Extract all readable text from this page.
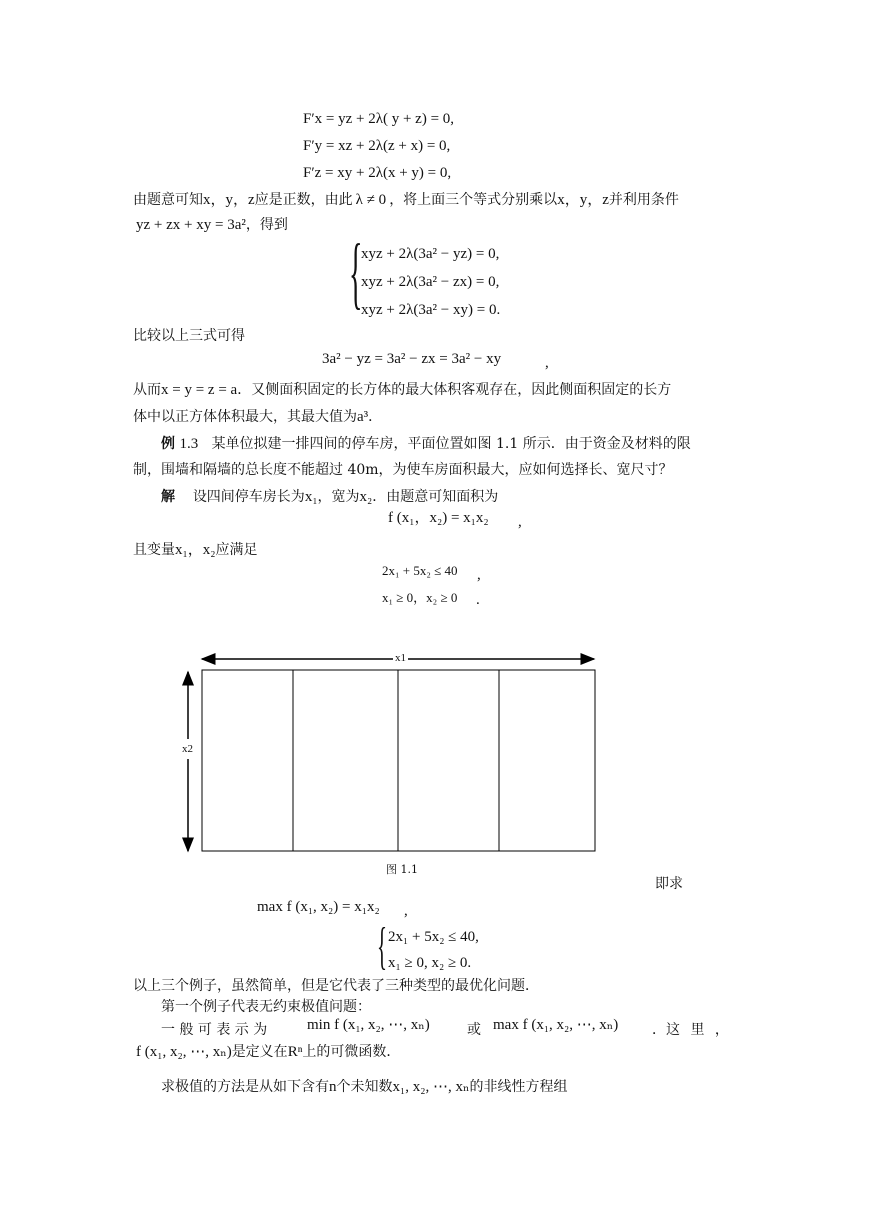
F′x = yz + 2λ( y + z) = 0,
F′y = xz + 2λ(z + x) = 0,
F′z = xy + 2λ(x + y) = 0,
由题意可知x，y，z应是正数，由此 λ ≠ 0 ，将上面三个等式分别乘以x，y，z并利用条件
yz + zx + xy = 3a²，得到
{
xyz + 2λ(3a² − yz) = 0,
xyz + 2λ(3a² − zx) = 0,
xyz + 2λ(3a² − xy) = 0.
比较以上三式可得
3a² − yz = 3a² − zx = 3a² − xy	,
从而x = y = z = a．又侧面积固定的长方体的最大体积客观存在，因此侧面积固定的长方
体中以正方体体积最大，其最大值为a³．
例 1.3 某单位拟建一排四间的停车房，平面位置如图 1.1 所示．由于资金及材料的限
制，围墙和隔墙的总长度不能超过 40m，为使车房面积最大，应如何选择长、宽尺寸？
解 设四间停车房长为x₁，宽为x₂．由题意可知面积为
f (x₁，x₂) = x₁x₂ ,
且变量x₁，x₂应满足
2x₁ + 5x₂ ≤ 40 ,
x₁ ≥ 0，x₂ ≥ 0 .
x1
x2
图 1.1
即求
max f (x₁, x₂) = x₁x₂ ,
{ 2x₁ + 5x₂ ≤ 40,
x₁ ≥ 0, x₂ ≥ 0.
以上三个例子，虽然简单，但是它代表了三种类型的最优化问题．
第一个例子代表无约束极值问题：
一 般 可 表 示 为	min f (x₁, x₂, ⋯, xₙ)	或 max f (x₁, x₂, ⋯, xₙ) ．这 里 ，
f (x₁, x₂, ⋯, xₙ)是定义在Rⁿ上的可微函数．
求极值的方法是从如下含有n个未知数x₁, x₂, ⋯, xₙ的非线性方程组
